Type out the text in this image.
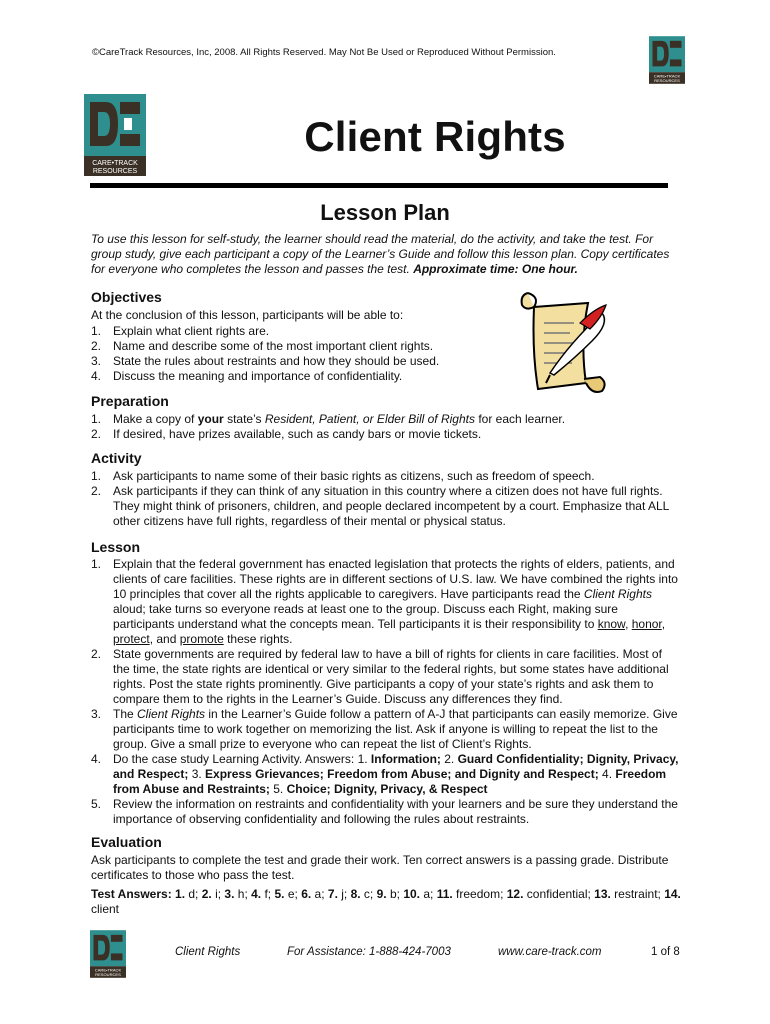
©CareTrack Resources, Inc, 2008. All Rights Reserved. May Not Be Used or Reproduced Without Permission.
CARE•TRACK
RESOURCES
CARE•TRACK
RESOURCES
Client Rights
Lesson Plan
To use this lesson for self-study, the learner should read the material, do the activity, and take the test. For group study, give each participant a copy of the Learner’s Guide and follow this lesson plan. Copy certificates for everyone who completes the lesson and passes the test. Approximate time: One hour.
Objectives

At the conclusion of this lesson, participants will be able to:

1. Explain what client rights are.
2. Name and describe some of the most important client rights.
3. State the rules about restraints and how they should be used.
4. Discuss the meaning and importance of confidentiality.
Preparation
1. Make a copy of your state’s Resident, Patient, or Elder Bill of Rights for each learner.
2. If desired, have prizes available, such as candy bars or movie tickets.
Activity
1. Ask participants to name some of their basic rights as citizens, such as freedom of speech.
2. Ask participants if they can think of any situation in this country where a citizen does not have full rights. They might think of prisoners, children, and people declared incompetent by a court. Emphasize that ALL other citizens have full rights, regardless of their mental or physical status.
Lesson
1. Explain that the federal government has enacted legislation that protects the rights of elders, patients, and clients of care facilities. These rights are in different sections of U.S. law. We have combined the rights into 10 principles that cover all the rights applicable to caregivers. Have participants read the Client Rights aloud; take turns so everyone reads at least one to the group. Discuss each Right, making sure participants understand what the concepts mean. Tell participants it is their responsibility to know, honor, protect, and promote these rights.
2. State governments are required by federal law to have a bill of rights for clients in care facilities. Most of the time, the state rights are identical or very similar to the federal rights, but some states have additional rights. Post the state rights prominently. Give participants a copy of your state’s rights and ask them to compare them to the rights in the Learner’s Guide. Discuss any differences they find.
3. The Client Rights in the Learner’s Guide follow a pattern of A-J that participants can easily memorize. Give participants time to work together on memorizing the list. Ask if anyone is willing to repeat the list to the group. Give a small prize to everyone who can repeat the list of Client’s Rights.
4. Do the case study Learning Activity. Answers: 1. Information; 2. Guard Confidentiality; Dignity, Privacy, and Respect; 3. Express Grievances; Freedom from Abuse; and Dignity and Respect; 4. Freedom from Abuse and Restraints; 5. Choice; Dignity, Privacy, & Respect
5. Review the information on restraints and confidentiality with your learners and be sure they understand the importance of observing confidentiality and following the rules about restraints.
Evaluation

Ask participants to complete the test and grade their work. Ten correct answers is a passing grade. Distribute certificates to those who pass the test.

Test Answers: 1. d; 2. i; 3. h; 4. f; 5. e; 6. a; 7. j; 8. c; 9. b; 10. a; 11. freedom; 12. confidential; 13. restraint; 14. client

CARE•TRACK
RESOURCES
Client Rights	For Assistance: 1-888-424-7003	www.care-track.com	1 of 8
